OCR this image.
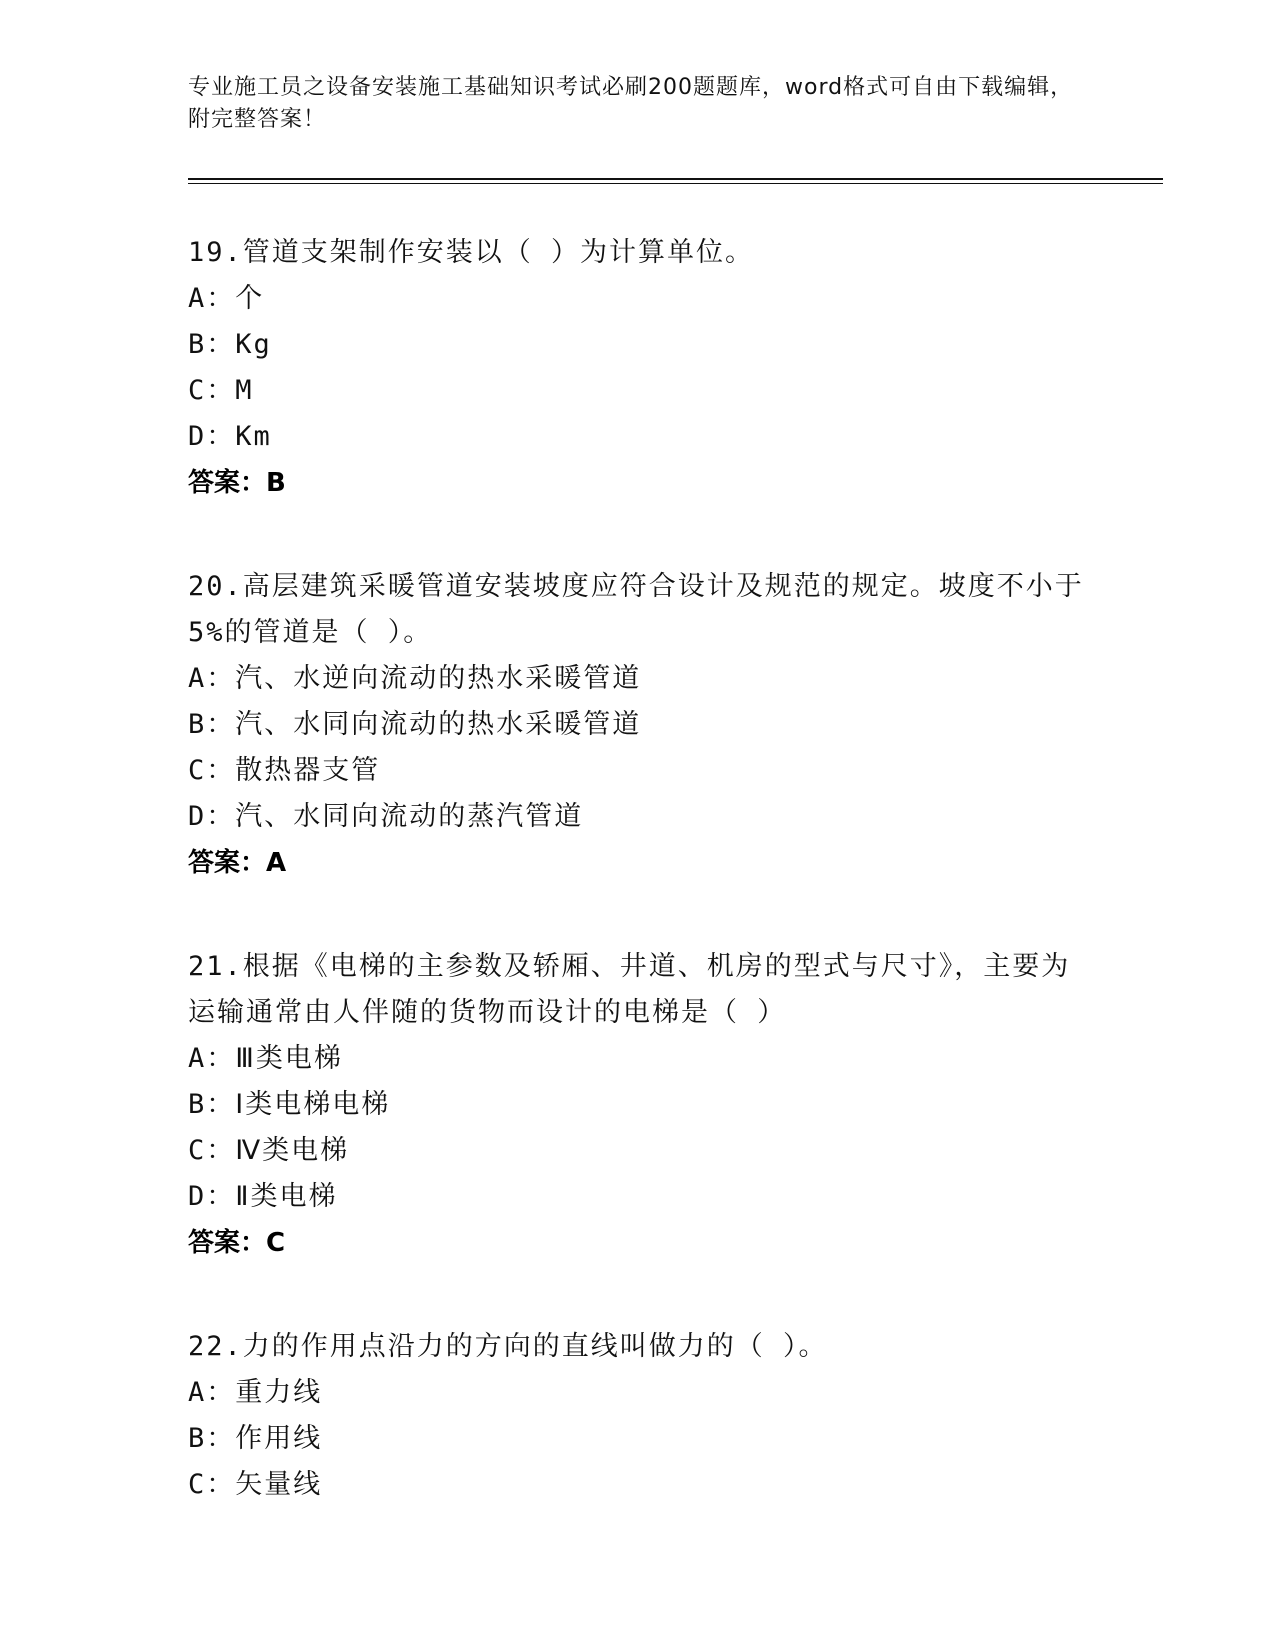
专业施工员之设备安装施工基础知识考试必刷200题题库，word格式可自由下载编辑，附完整答案！
19.管道支架制作安装以（ ）为计算单位。
A：个
B：Kg
C：M
D：Km
答案：B
20.高层建筑采暖管道安装坡度应符合设计及规范的规定。坡度不小于5%的管道是（ ）。
A：汽、水逆向流动的热水采暖管道
B：汽、水同向流动的热水采暖管道
C：散热器支管
D：汽、水同向流动的蒸汽管道
答案：A
21.根据《电梯的主参数及轿厢、井道、机房的型式与尺寸》，主要为运输通常由人伴随的货物而设计的电梯是（ ）
A：Ⅲ类电梯
B：Ⅰ类电梯电梯
C：Ⅳ类电梯
D：Ⅱ类电梯
答案：C
22.力的作用点沿力的方向的直线叫做力的（ ）。
A：重力线
B：作用线
C：矢量线
